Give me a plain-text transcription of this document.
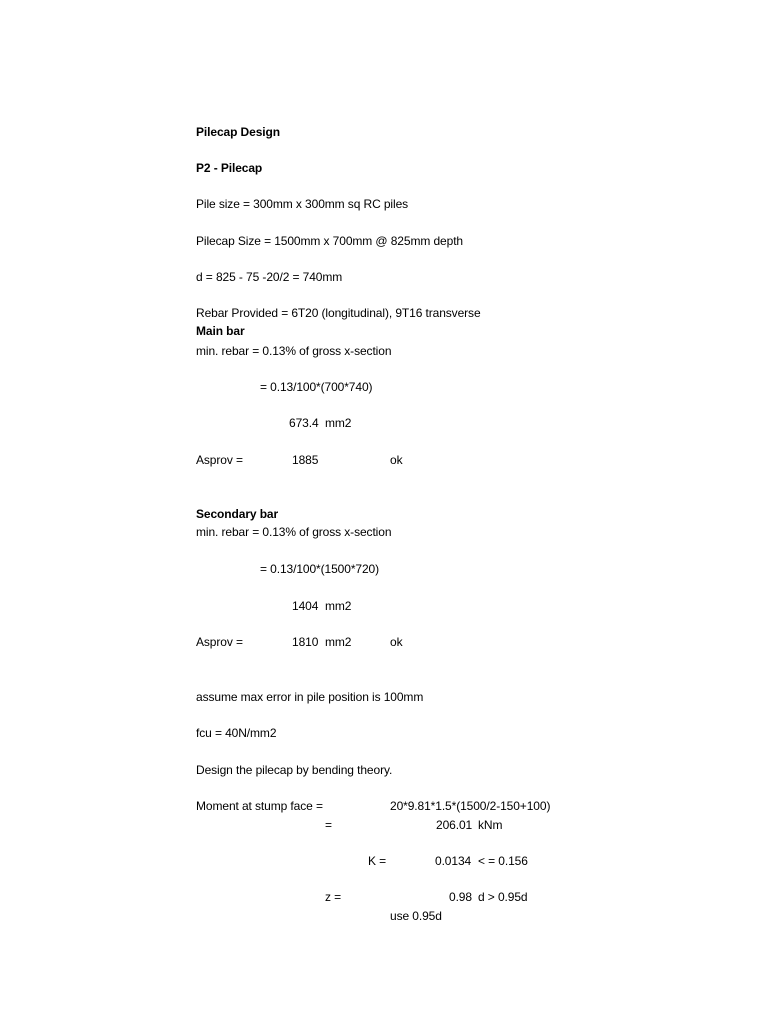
Pilecap Design
P2 - Pilecap
Pile size = 300mm x 300mm sq RC piles
Pilecap Size = 1500mm x 700mm @ 825mm depth
d = 825 - 75 -20/2 = 740mm
Rebar Provided = 6T20 (longitudinal), 9T16 transverse
Main bar
min. rebar = 0.13% of gross x-section
= 0.13/100*(700*740)
673.4 mm2
Asprov =	1885	ok
Secondary bar
min. rebar = 0.13% of gross x-section
= 0.13/100*(1500*720)
1404 mm2
Asprov =	1810 mm2	ok
assume max error in pile position is 100mm
fcu = 40N/mm2
Design the pilecap by bending theory.
Moment at stump face =	20*9.81*1.5*(1500/2-150+100)
=	206.01 kNm
K =	0.0134 < = 0.156
z =	0.98 d > 0.95d
use 0.95d
